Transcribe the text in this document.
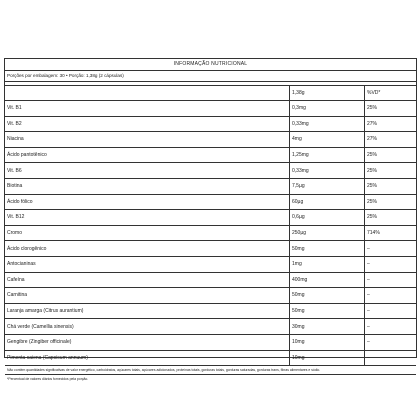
INFORMAÇÃO NUTRICIONAL
Porções por embalagem: 30 • Porção: 1,38g (2 cápsulas)
	1,38g	%VD*
Vit. B1	0,3mg	25%
Vit. B2	0,33mg	27%
Niacina	4mg	27%
Ácido pantotênico	1,25mg	25%
Vit. B6	0,33mg	25%
Biotina	7,5µg	25%
Ácido fólico	60µg	25%
Vit. B12	0,6µg	25%
Cromo	250µg	714%
Ácido clorogênico	50mg	–
Antocianinas	1mg	–
Cafeína	400mg	–
Carnitina	50mg	–
Laranja amarga (Citrus aurantium)	50mg	–
Chá verde (Camellia sinensis)	30mg	–
Gengibre (Zingiber officinale)	10mg	–
Pimenta caiena (Capsicum annuum)	10mg	–
Não contém quantidades significativas de valor energético, carboidratos, açúcares totais, açúcares adicionados, proteínas totais, gorduras totais, gorduras saturadas, gorduras trans, fibras alimentares e sódio.
*Percentual de valores diários fornecidos pela porção.
